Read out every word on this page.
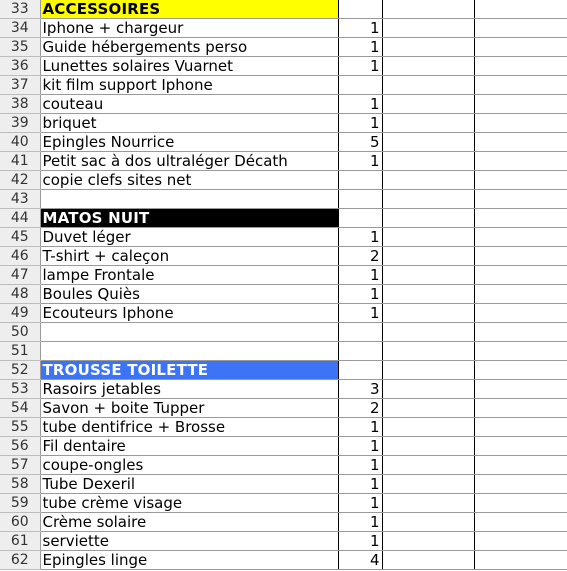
33	ACCESSOIRES			
34	Iphone + chargeur	1		
35	Guide hébergements perso	1		
36	Lunettes solaires Vuarnet	1		
37	kit film support Iphone			
38	couteau	1		
39	briquet	1		
40	Epingles Nourrice	5		
41	Petit sac à dos ultraléger Décath	1		
42	copie clefs sites net			
43				
44	MATOS NUIT			
45	Duvet léger	1		
46	T-shirt + caleçon	2		
47	lampe Frontale	1		
48	Boules Quiès	1		
49	Ecouteurs Iphone	1		
50				
51				
52	TROUSSE TOILETTE			
53	Rasoirs jetables	3		
54	Savon + boite Tupper	2		
55	tube dentifrice + Brosse	1		
56	Fil dentaire	1		
57	coupe-ongles	1		
58	Tube Dexeril	1		
59	tube crème visage	1		
60	Crème solaire	1		
61	serviette	1		
62	Epingles linge	4		
